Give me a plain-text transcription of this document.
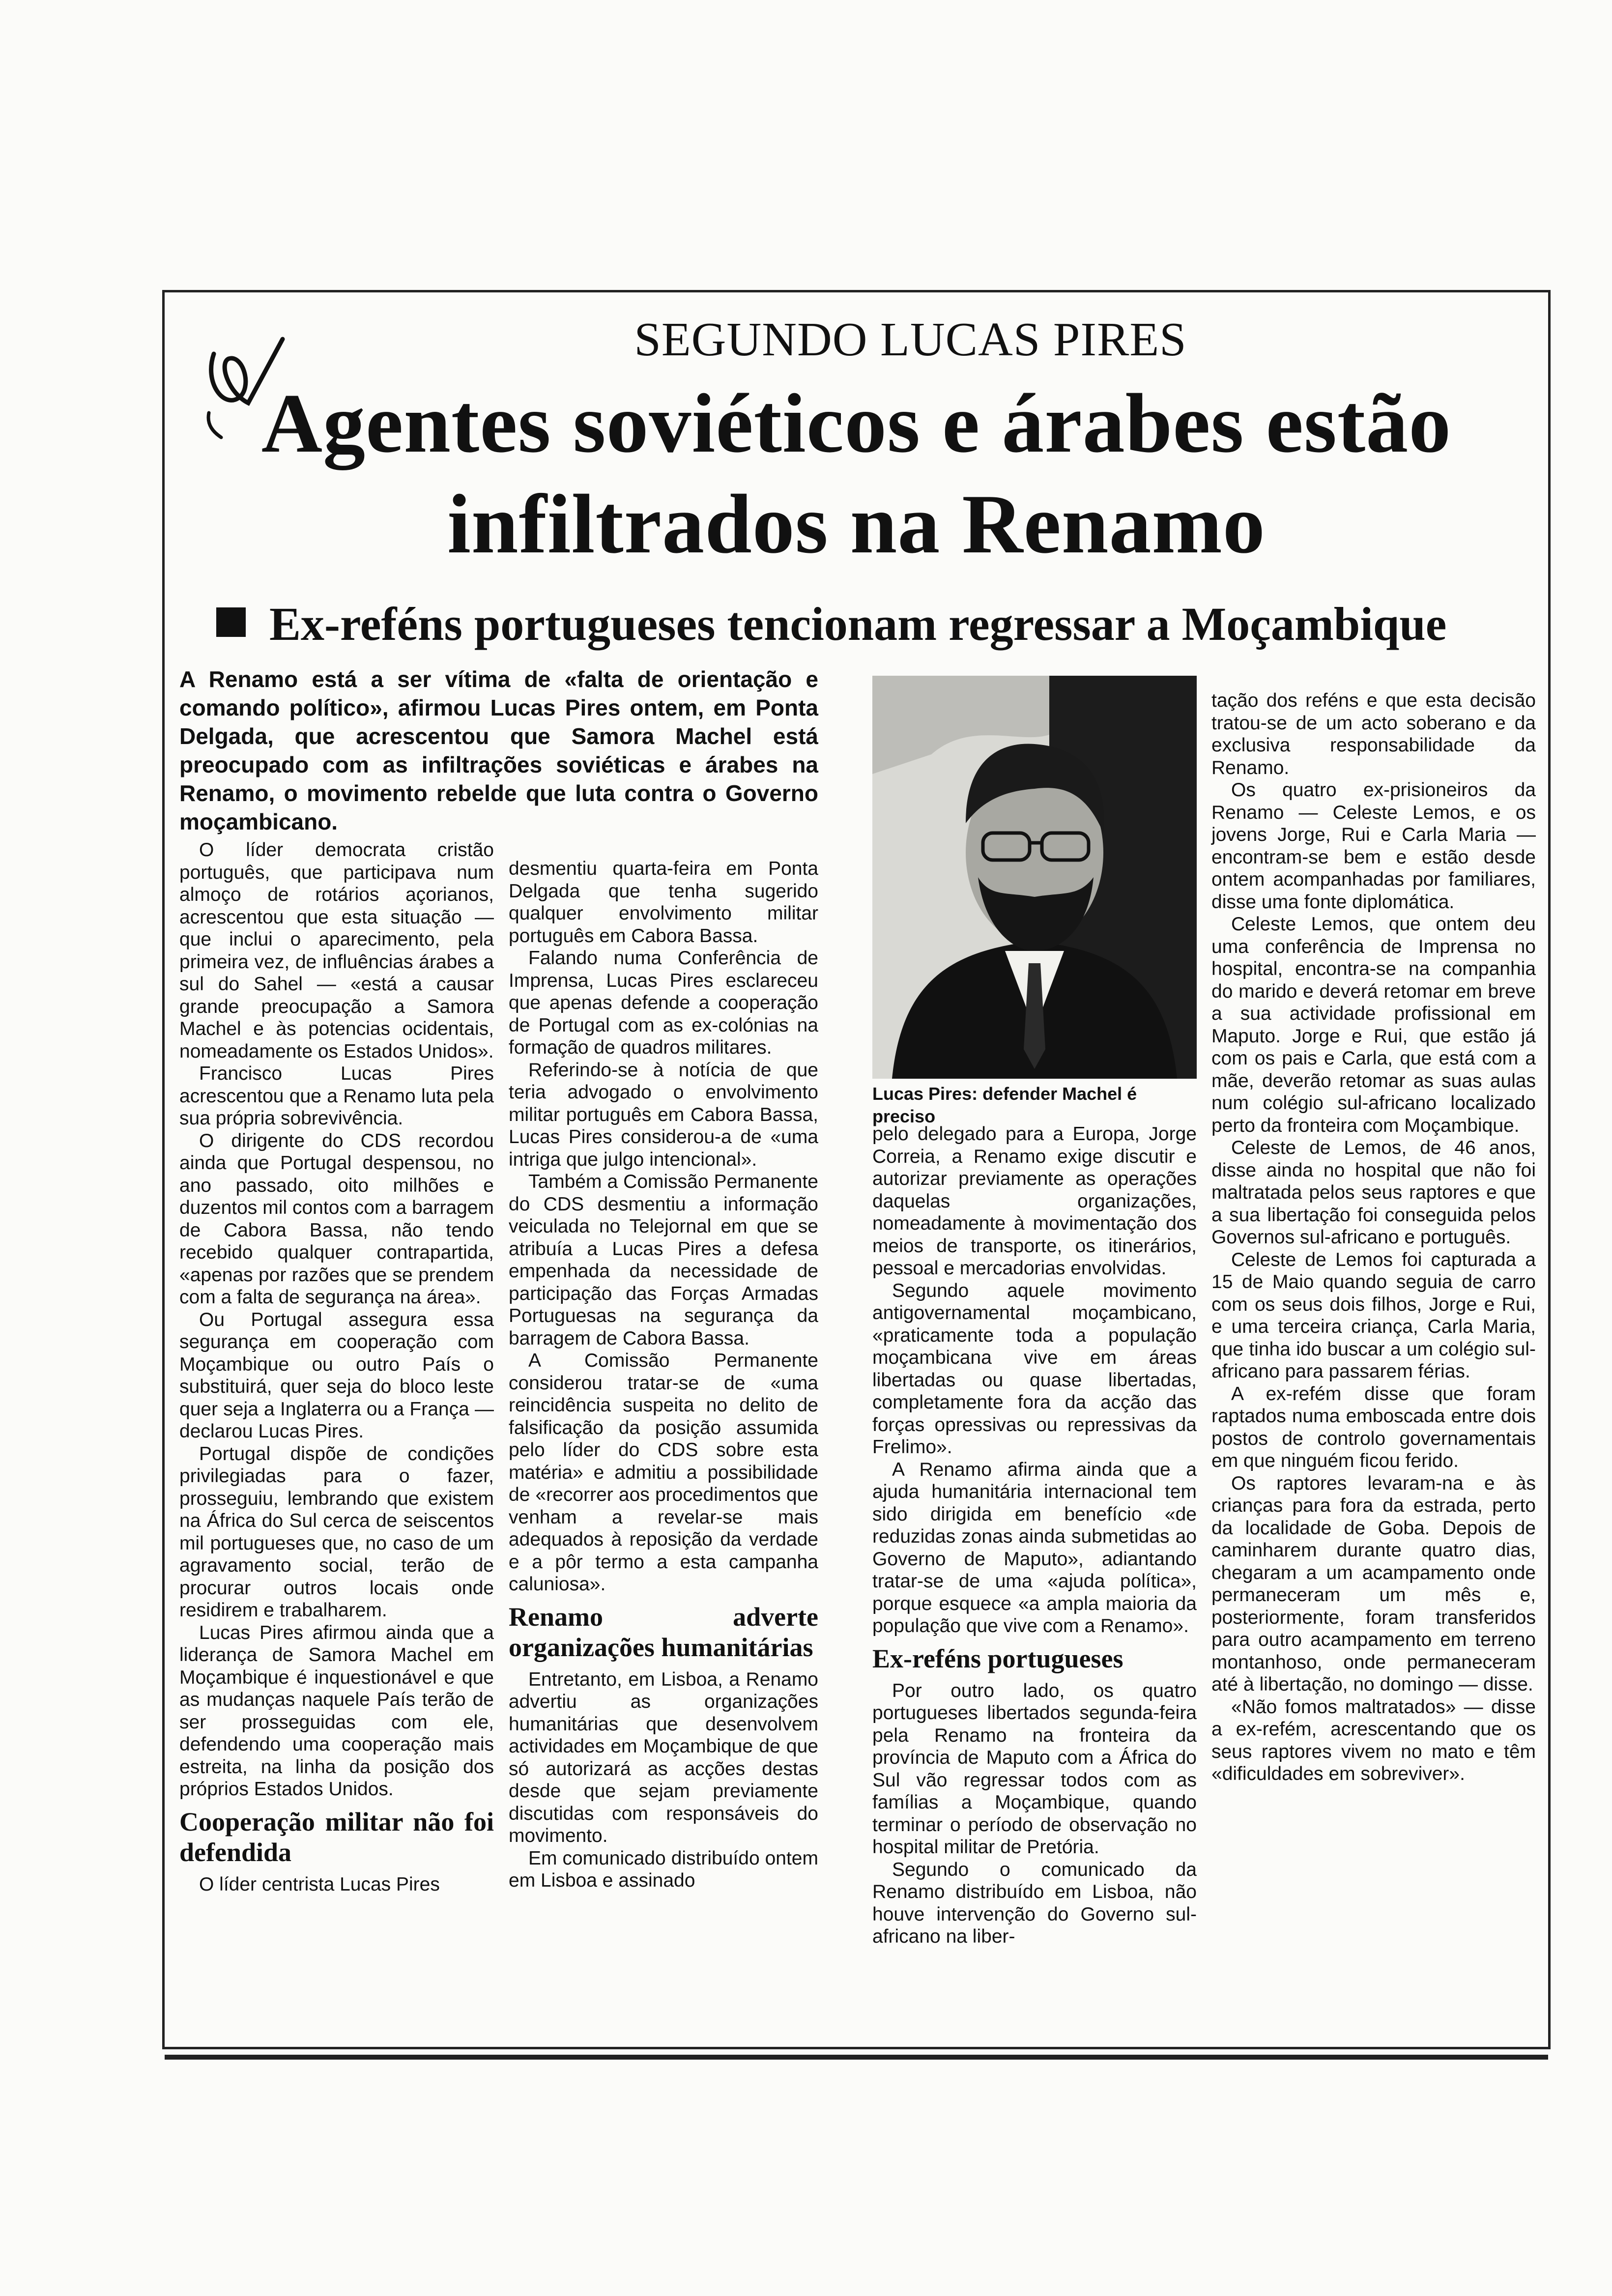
SEGUNDO LUCAS PIRES
Agentes soviéticos e árabes estão infiltrados na Renamo
Ex-reféns portugueses tencionam regressar a Moçambique
A Renamo está a ser vítima de «falta de orientação e comando político», afirmou Lucas Pires ontem, em Ponta Delgada, que acrescentou que Samora Machel está preocupado com as infiltrações soviéticas e árabes na Renamo, o movimento rebelde que luta contra o Governo moçambicano.

O líder democrata cristão português, que participava num almoço de rotários açorianos, acrescentou que esta situação — que inclui o aparecimento, pela primeira vez, de influências árabes a sul do Sahel — «está a causar grande preocupação a Samora Machel e às potencias ocidentais, nomeadamente os Estados Unidos».

Francisco Lucas Pires acrescentou que a Renamo luta pela sua própria sobrevivência.

O dirigente do CDS recordou ainda que Portugal despensou, no ano passado, oito milhões e duzentos mil contos com a barragem de Cabora Bassa, não tendo recebido qualquer contrapartida, «apenas por razões que se prendem com a falta de segurança na área».

Ou Portugal assegura essa segurança em cooperação com Moçambique ou outro País o substituirá, quer seja do bloco leste quer seja a Inglaterra ou a França — declarou Lucas Pires.

Portugal dispõe de condições privilegiadas para o fazer, prosseguiu, lembrando que existem na África do Sul cerca de seiscentos mil portugueses que, no caso de um agravamento social, terão de procurar outros locais onde residirem e trabalharem.

Lucas Pires afirmou ainda que a liderança de Samora Machel em Moçambique é inquestionável e que as mudanças naquele País terão de ser prosseguidas com ele, defendendo uma cooperação mais estreita, na linha da posição dos próprios Estados Unidos.

Cooperação militar não foi defendida

O líder centrista Lucas Pires

desmentiu quarta-feira em Ponta Delgada que tenha sugerido qualquer envolvimento militar português em Cabora Bassa.

Falando numa Conferência de Imprensa, Lucas Pires esclareceu que apenas defende a cooperação de Portugal com as ex-colónias na formação de quadros militares.

Referindo-se à notícia de que teria advogado o envolvimento militar português em Cabora Bassa, Lucas Pires considerou-a de «uma intriga que julgo intencional».

Também a Comissão Permanente do CDS desmentiu a informação veiculada no Telejornal em que se atribuía a Lucas Pires a defesa empenhada da necessidade de participação das Forças Armadas Portuguesas na segurança da barragem de Cabora Bassa.

A Comissão Permanente considerou tratar-se de «uma reincidência suspeita no delito de falsificação da posição assumida pelo líder do CDS sobre esta matéria» e admitiu a possibilidade de «recorrer aos procedimentos que venham a revelar-se mais adequados à reposição da verdade e a pôr termo a esta campanha caluniosa».

Renamo adverte organizações humanitárias

Entretanto, em Lisboa, a Renamo advertiu as organizações humanitárias que desenvolvem actividades em Moçambique de que só autorizará as acções destas desde que sejam previamente discutidas com responsáveis do movimento.

Em comunicado distribuído ontem em Lisboa e assinado

Lucas Pires: defender Machel é preciso

pelo delegado para a Europa, Jorge Correia, a Renamo exige discutir e autorizar previamente as operações daquelas organizações, nomeadamente à movimentação dos meios de transporte, os itinerários, pessoal e mercadorias envolvidas.

Segundo aquele movimento antigovernamental moçambicano, «praticamente toda a população moçambicana vive em áreas libertadas ou quase libertadas, completamente fora da acção das forças opressivas ou repressivas da Frelimo».

A Renamo afirma ainda que a ajuda humanitária internacional tem sido dirigida em benefício «de reduzidas zonas ainda submetidas ao Governo de Maputo», adiantando tratar-se de uma «ajuda política», porque esquece «a ampla maioria da população que vive com a Renamo».

Ex-reféns portugueses

Por outro lado, os quatro portugueses libertados segunda-feira pela Renamo na fronteira da província de Maputo com a África do Sul vão regressar todos com as famílias a Moçambique, quando terminar o período de observação no hospital militar de Pretória.

Segundo o comunicado da Renamo distribuído em Lisboa, não houve intervenção do Governo sul-africano na liber-

tação dos reféns e que esta decisão tratou-se de um acto soberano e da exclusiva responsabilidade da Renamo.

Os quatro ex-prisioneiros da Renamo — Celeste Lemos, e os jovens Jorge, Rui e Carla Maria — encontram-se bem e estão desde ontem acompanhadas por familiares, disse uma fonte diplomática.

Celeste Lemos, que ontem deu uma conferência de Imprensa no hospital, encontra-se na companhia do marido e deverá retomar em breve a sua actividade profissional em Maputo. Jorge e Rui, que estão já com os pais e Carla, que está com a mãe, deverão retomar as suas aulas num colégio sul-africano localizado perto da fronteira com Moçambique.

Celeste de Lemos, de 46 anos, disse ainda no hospital que não foi maltratada pelos seus raptores e que a sua libertação foi conseguida pelos Governos sul-africano e português.

Celeste de Lemos foi capturada a 15 de Maio quando seguia de carro com os seus dois filhos, Jorge e Rui, e uma terceira criança, Carla Maria, que tinha ido buscar a um colégio sul-africano para passarem férias.

A ex-refém disse que foram raptados numa emboscada entre dois postos de controlo governamentais em que ninguém ficou ferido.

Os raptores levaram-na e às crianças para fora da estrada, perto da localidade de Goba. Depois de caminharem durante quatro dias, chegaram a um acampamento onde permaneceram um mês e, posteriormente, foram transferidos para outro acampamento em terreno montanhoso, onde permaneceram até à libertação, no domingo — disse.

«Não fomos maltratados» — disse a ex-refém, acrescentando que os seus raptores vivem no mato e têm «dificuldades em sobreviver».
